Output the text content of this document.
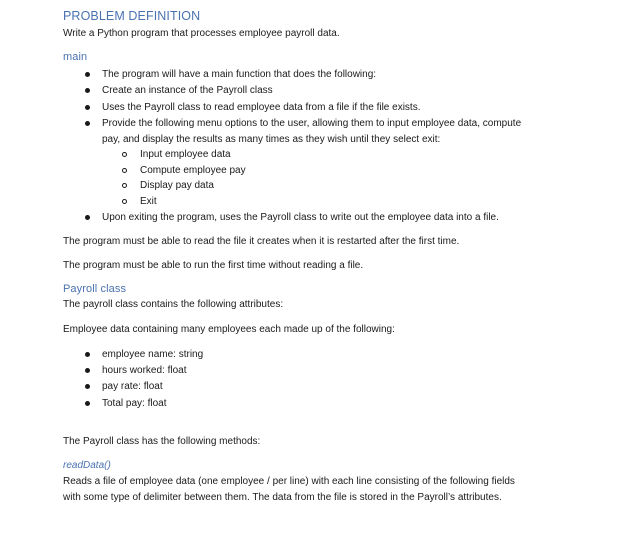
PROBLEM DEFINITION
Write a Python program that processes employee payroll data.
main
The program will have a main function that does the following:
Create an instance of the Payroll class
Uses the Payroll class to read employee data from a file if the file exists.
Provide the following menu options to the user, allowing them to input employee data, compute pay, and display the results as many times as they wish until they select exit:
Input employee data
Compute employee pay
Display pay data
Exit
Upon exiting the program, uses the Payroll class to write out the employee data into a file.
The program must be able to read the file it creates when it is restarted after the first time.
The program must be able to run the first time without reading a file.
Payroll class
The payroll class contains the following attributes:
Employee data containing many employees each made up of the following:
employee name: string
hours worked: float
pay rate: float
Total pay: float
The Payroll class has the following methods:
readData()
Reads a file of employee data (one employee / per line) with each line consisting of the following fields with some type of delimiter between them. The data from the file is stored in the Payroll’s attributes.
